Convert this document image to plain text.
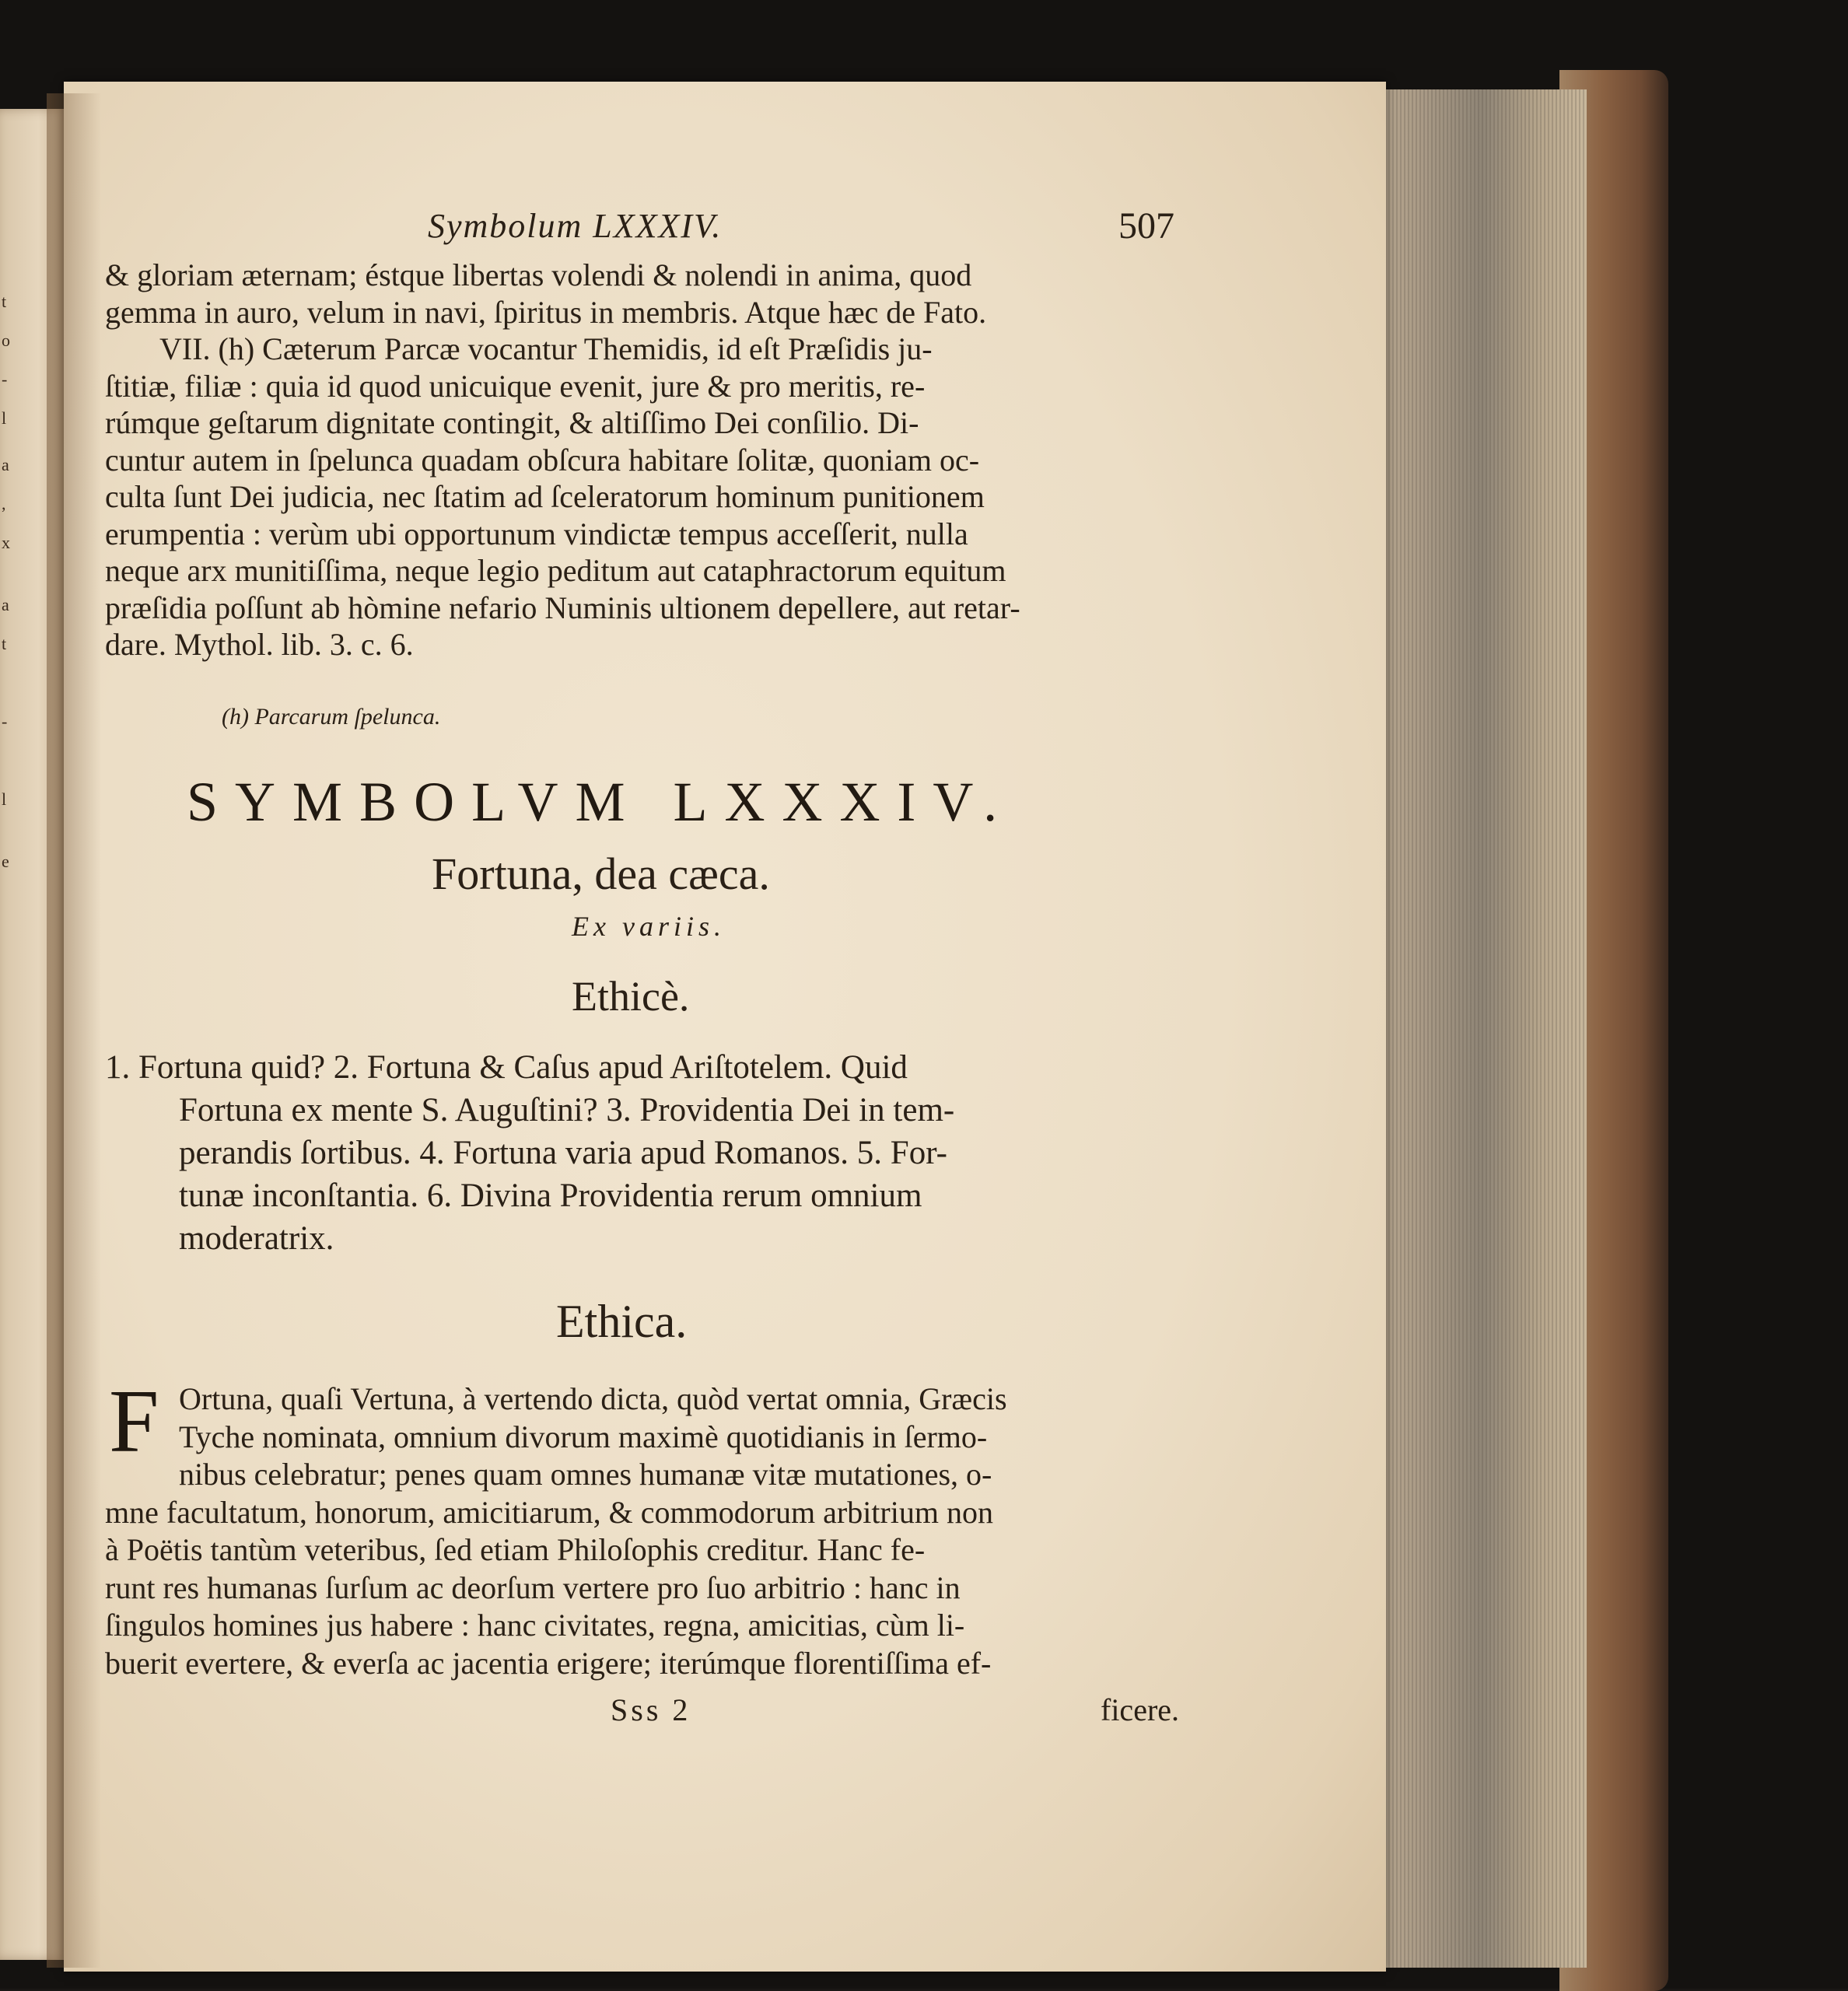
t
o
-
l
a
,
x
a
t
-
l
e
Symbolum LXXXIV.	507
& gloriam æternam; éstque libertas volendi & nolendi in anima, quod
gemma in auro, velum in navi, ſpiritus in membris. Atque hæc de Fato.
VII. (h) Cæterum Parcæ vocantur Themidis, id eſt Præſidis ju-
ſtitiæ, filiæ : quia id quod unicuique evenit, jure & pro meritis, re-
rúmque geſtarum dignitate contingit, & altiſſimo Dei conſilio. Di-
cuntur autem in ſpelunca quadam obſcura habitare ſolitæ, quoniam oc-
culta ſunt Dei judicia, nec ſtatim ad ſceleratorum hominum punitionem
erumpentia : verùm ubi opportunum vindictæ tempus acceſſerit, nulla
neque arx munitiſſima, neque legio peditum aut cataphractorum equitum
præſidia poſſunt ab hòmine nefario Numinis ultionem depellere, aut retar-
dare. Mythol. lib. 3. c. 6.
(h) Parcarum ſpelunca.
SYMBOLVM LXXXIV.
Fortuna, dea cæca.
Ex variis.
Ethicè.
1. Fortuna quid? 2. Fortuna & Caſus apud Ariſtotelem. Quid
Fortuna ex mente S. Auguſtini? 3. Providentia Dei in tem-
perandis ſortibus. 4. Fortuna varia apud Romanos. 5. For-
tunæ inconſtantia. 6. Divina Providentia rerum omnium
moderatrix.
Ethica.
F Ortuna, quaſi Vertuna, à vertendo dicta, quòd vertat omnia, Græcis
Tyche nominata, omnium divorum maximè quotidianis in ſermo-
nibus celebratur; penes quam omnes humanæ vitæ mutationes, o-
mne facultatum, honorum, amicitiarum, & commodorum arbitrium non
à Poëtis tantùm veteribus, ſed etiam Philoſophis creditur. Hanc fe-
runt res humanas ſurſum ac deorſum vertere pro ſuo arbitrio : hanc in
ſingulos homines jus habere : hanc civitates, regna, amicitias, cùm li-
buerit evertere, & everſa ac jacentia erigere; iterúmque florentiſſima ef-
Sss 2	ficere.
